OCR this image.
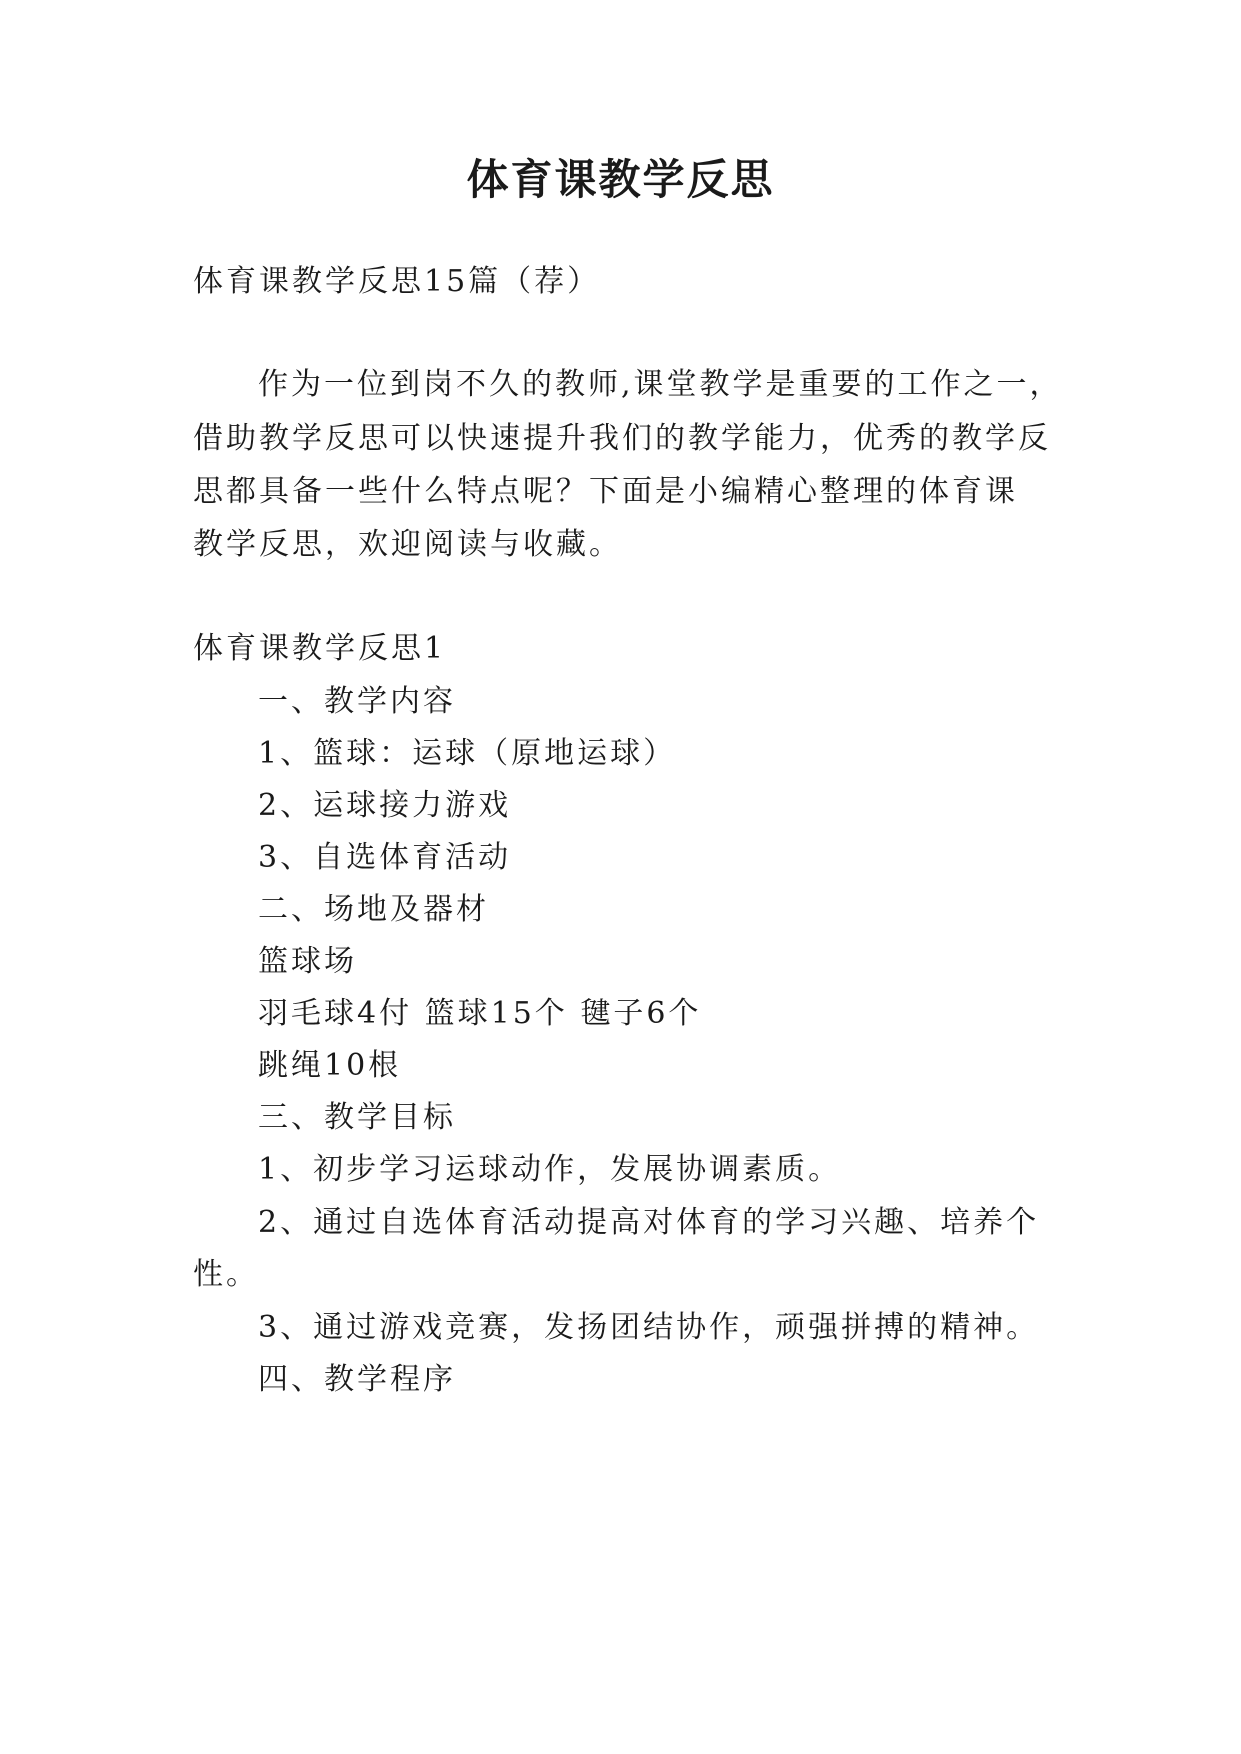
体育课教学反思

体育课教学反思15篇（荐）

作为一位到岗不久的教师,课堂教学是重要的工作之一，

借助教学反思可以快速提升我们的教学能力，优秀的教学反

思都具备一些什么特点呢？下面是小编精心整理的体育课

教学反思，欢迎阅读与收藏。

体育课教学反思1

一、教学内容

1、篮球：运球（原地运球）

2、运球接力游戏

3、自选体育活动

二、场地及器材

篮球场

羽毛球4付 篮球15个 毽子6个

跳绳10根

三、教学目标

1、初步学习运球动作，发展协调素质。

2、通过自选体育活动提高对体育的学习兴趣、培养个

性。

3、通过游戏竞赛，发扬团结协作，顽强拼搏的精神。

四、教学程序
